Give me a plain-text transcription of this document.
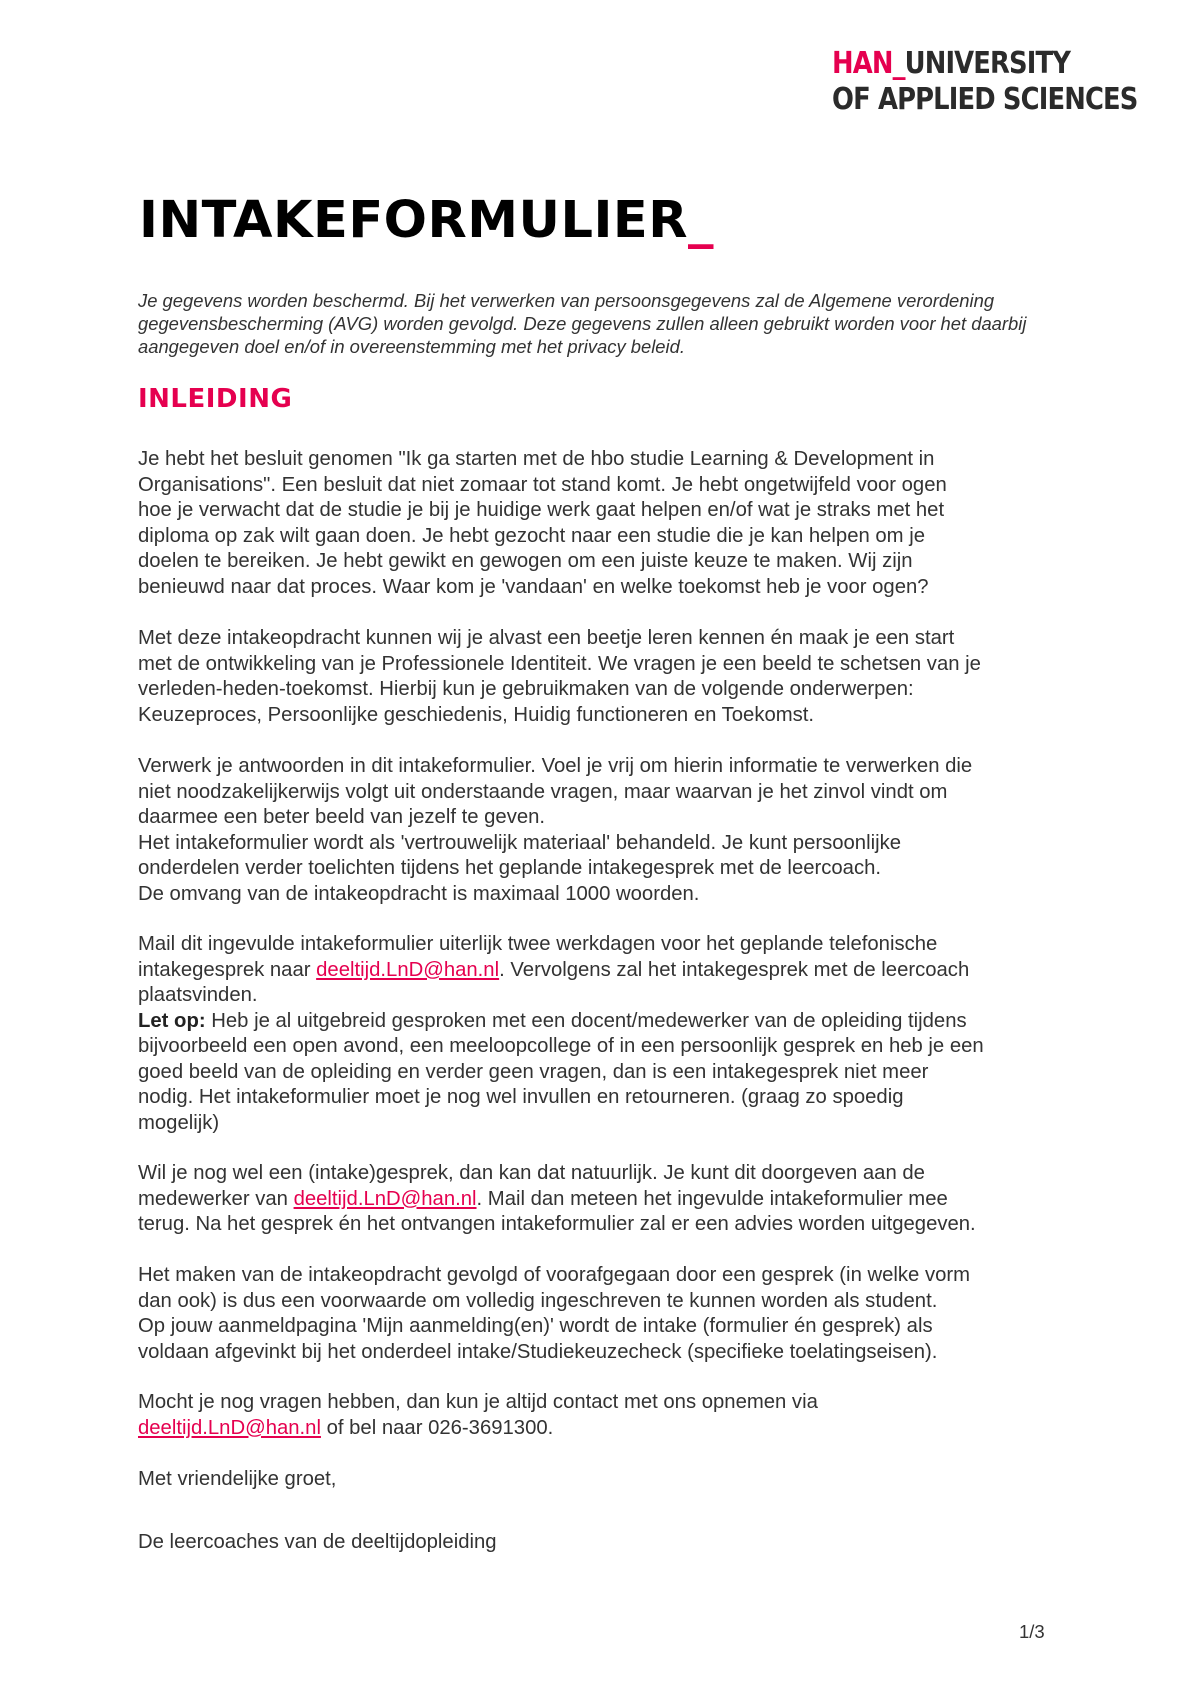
HAN_UNIVERSITY
OF APPLIED SCIENCES
INTAKEFORMULIER_

Je gegevens worden beschermd. Bij het verwerken van persoonsgegevens zal de Algemene verordening gegevensbescherming (AVG) worden gevolgd. Deze gegevens zullen alleen gebruikt worden voor het daarbij aangegeven doel en/of in overeenstemming met het privacy beleid.

INLEIDING

Je hebt het besluit genomen "Ik ga starten met de hbo studie Learning & Development in
Organisations". Een besluit dat niet zomaar tot stand komt. Je hebt ongetwijfeld voor ogen
hoe je verwacht dat de studie je bij je huidige werk gaat helpen en/of wat je straks met het
diploma op zak wilt gaan doen. Je hebt gezocht naar een studie die je kan helpen om je
doelen te bereiken. Je hebt gewikt en gewogen om een juiste keuze te maken. Wij zijn
benieuwd naar dat proces. Waar kom je 'vandaan' en welke toekomst heb je voor ogen?

Met deze intakeopdracht kunnen wij je alvast een beetje leren kennen én maak je een start
met de ontwikkeling van je Professionele Identiteit. We vragen je een beeld te schetsen van je
verleden-heden-toekomst. Hierbij kun je gebruikmaken van de volgende onderwerpen:
Keuzeproces, Persoonlijke geschiedenis, Huidig functioneren en Toekomst.

Verwerk je antwoorden in dit intakeformulier. Voel je vrij om hierin informatie te verwerken die
niet noodzakelijkerwijs volgt uit onderstaande vragen, maar waarvan je het zinvol vindt om
daarmee een beter beeld van jezelf te geven.
Het intakeformulier wordt als 'vertrouwelijk materiaal' behandeld. Je kunt persoonlijke
onderdelen verder toelichten tijdens het geplande intakegesprek met de leercoach.
De omvang van de intakeopdracht is maximaal 1000 woorden.

Mail dit ingevulde intakeformulier uiterlijk twee werkdagen voor het geplande telefonische
intakegesprek naar deeltijd.LnD@han.nl. Vervolgens zal het intakegesprek met de leercoach
plaatsvinden.
Let op: Heb je al uitgebreid gesproken met een docent/medewerker van de opleiding tijdens
bijvoorbeeld een open avond, een meeloopcollege of in een persoonlijk gesprek en heb je een
goed beeld van de opleiding en verder geen vragen, dan is een intakegesprek niet meer
nodig. Het intakeformulier moet je nog wel invullen en retourneren. (graag zo spoedig
mogelijk)

Wil je nog wel een (intake)gesprek, dan kan dat natuurlijk. Je kunt dit doorgeven aan de
medewerker van deeltijd.LnD@han.nl. Mail dan meteen het ingevulde intakeformulier mee
terug. Na het gesprek én het ontvangen intakeformulier zal er een advies worden uitgegeven.

Het maken van de intakeopdracht gevolgd of voorafgegaan door een gesprek (in welke vorm
dan ook) is dus een voorwaarde om volledig ingeschreven te kunnen worden als student.
Op jouw aanmeldpagina 'Mijn aanmelding(en)' wordt de intake (formulier én gesprek) als
voldaan afgevinkt bij het onderdeel intake/Studiekeuzecheck (specifieke toelatingseisen).

Mocht je nog vragen hebben, dan kun je altijd contact met ons opnemen via
deeltijd.LnD@han.nl of bel naar 026-3691300.

Met vriendelijke groet,

De leercoaches van de deeltijdopleiding

1/3
